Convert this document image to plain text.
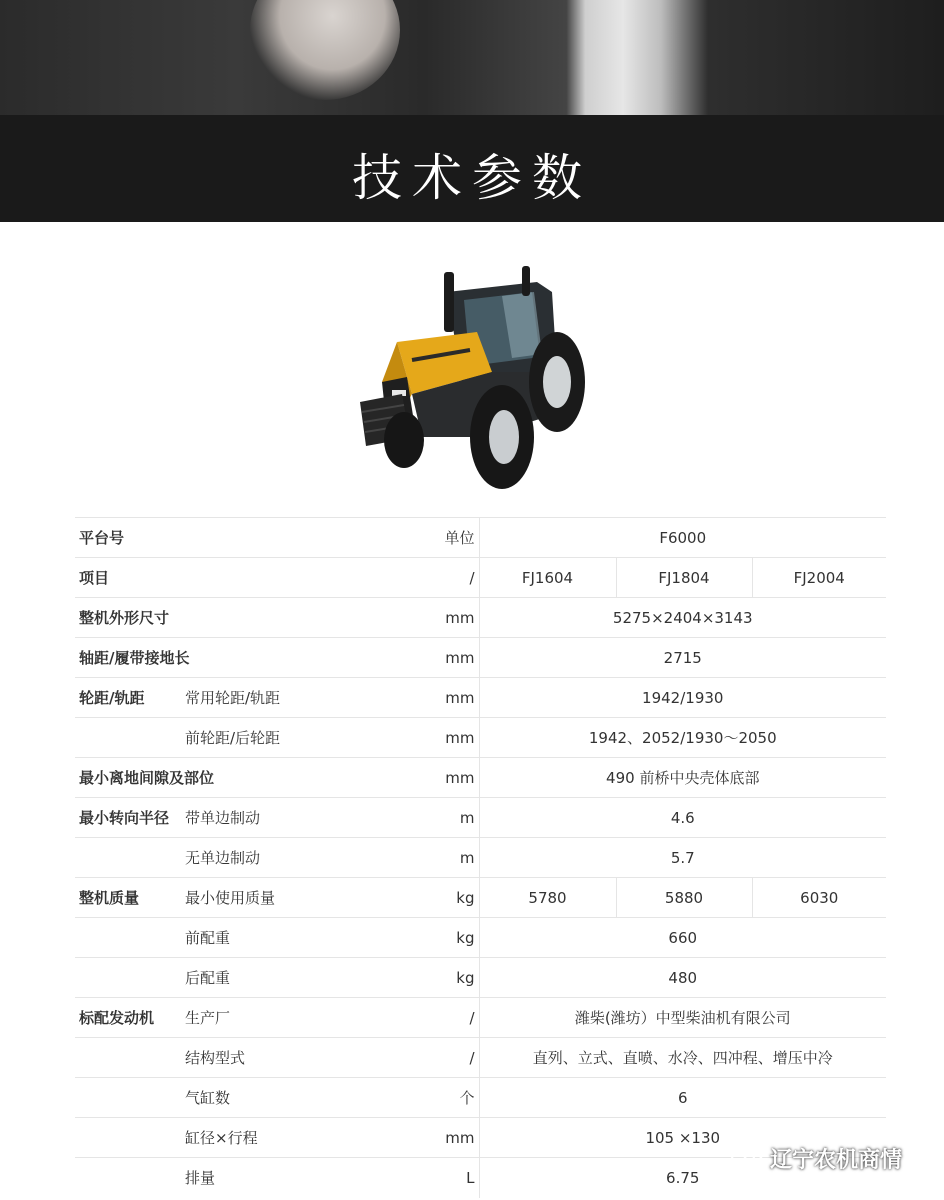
技术参数
平台号		单位	F6000		
项目		/	FJ1604	FJ1804	FJ2004
整机外形尺寸		mm	5275×2404×3143		
轴距/履带接地长		mm	2715		
轮距/轨距	常用轮距/轨距	mm	1942/1930		
	前轮距/后轮距	mm	1942、2052/1930～2050		
最小离地间隙及部位		mm	490 前桥中央壳体底部		
最小转向半径	带单边制动	m	4.6		
	无单边制动	m	5.7		
整机质量	最小使用质量	kg	5780	5880	6030
	前配重	kg	660		
	后配重	kg	480		
标配发动机	生产厂	/	潍柴(潍坊）中型柴油机有限公司		
	结构型式	/	直列、立式、直喷、水冷、四冲程、增压中冷		
	气缸数	个	6		
	缸径×行程	mm	105 ×130		
	排量	L	6.75		
辽宁农机商情
